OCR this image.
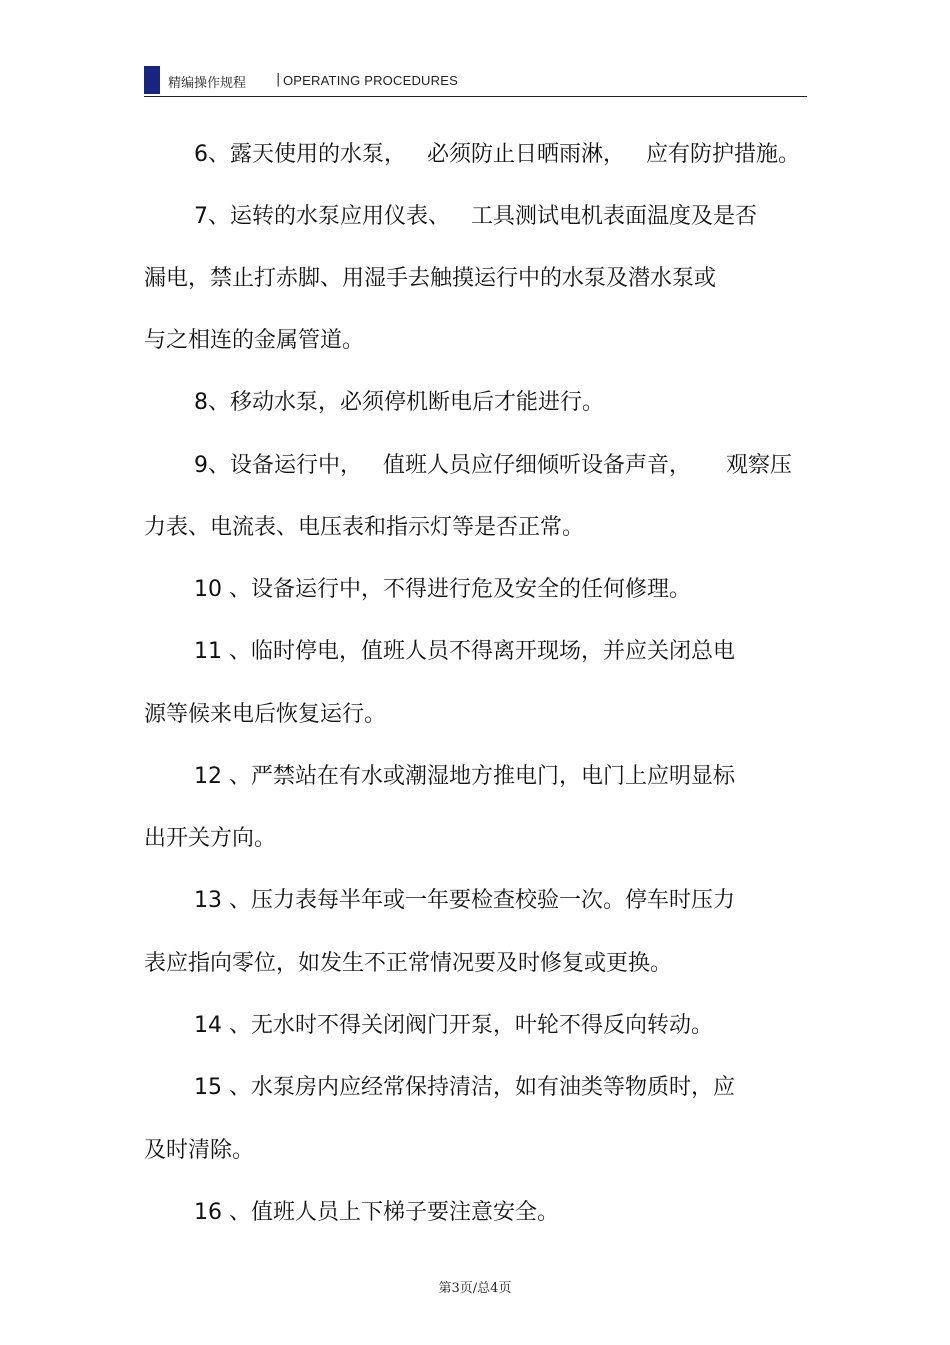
精编操作规程 | OPERATING PROCEDURES
6、露天使用的水泵，   必须防止日晒雨淋，   应有防护措施。
7、运转的水泵应用仪表、   工具测试电机表面温度及是否
漏电，禁止打赤脚、用湿手去触摸运行中的水泵及潜水泵或
与之相连的金属管道。
8、移动水泵，必须停机断电后才能进行。
9、设备运行中，   值班人员应仔细倾听设备声音，     观察压
力表、电流表、电压表和指示灯等是否正常。
10 、设备运行中，不得进行危及安全的任何修理。
11 、临时停电，值班人员不得离开现场，并应关闭总电
源等候来电后恢复运行。
12 、严禁站在有水或潮湿地方推电门，电门上应明显标
出开关方向。
13 、压力表每半年或一年要检查校验一次。停车时压力
表应指向零位，如发生不正常情况要及时修复或更换。
14 、无水时不得关闭阀门开泵，叶轮不得反向转动。
15 、水泵房内应经常保持清洁，如有油类等物质时，应
及时清除。
16 、值班人员上下梯子要注意安全。
第3页/总4页
